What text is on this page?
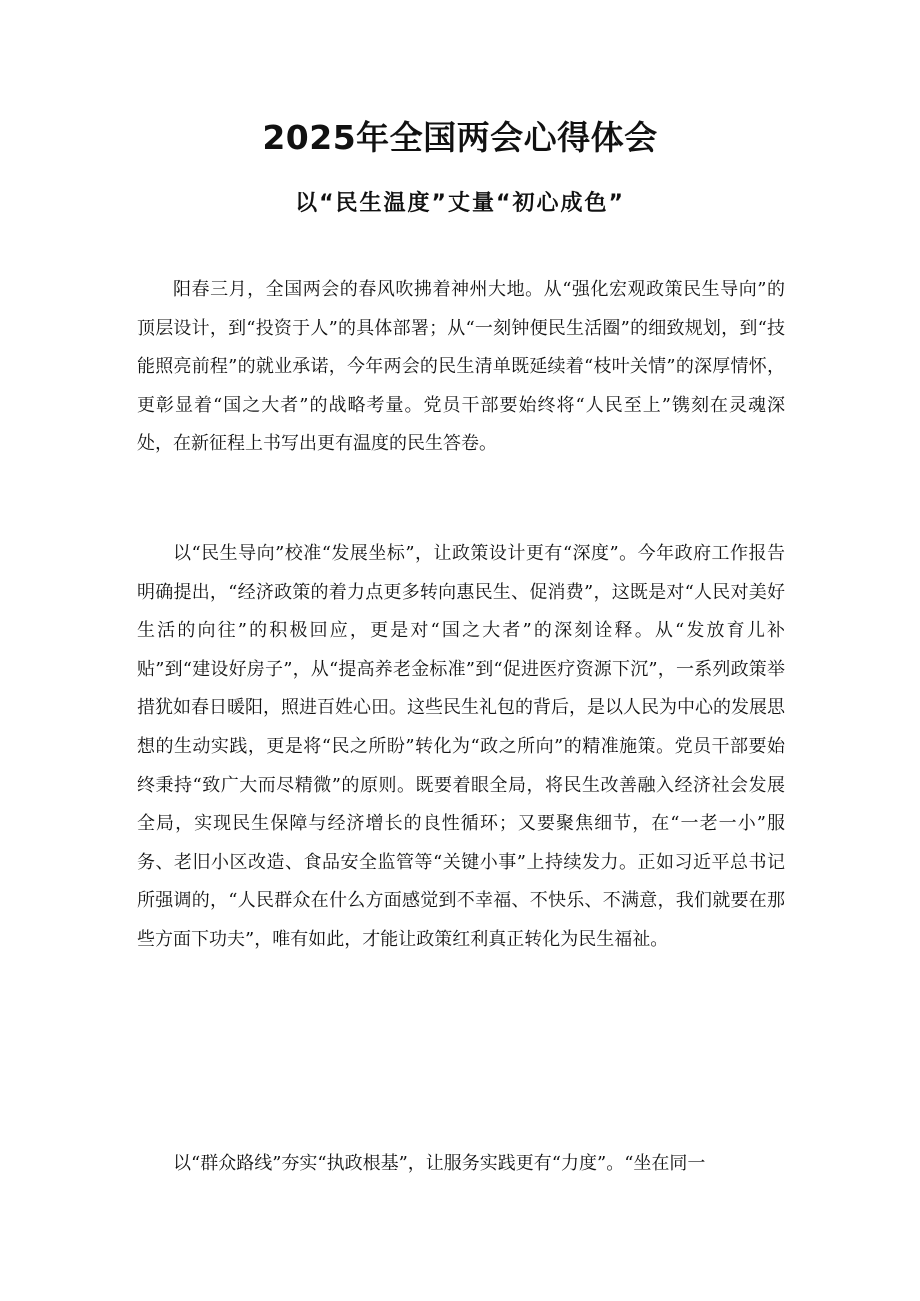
2025年全国两会心得体会
以“民生温度”丈量“初心成色”

阳春三月，全国两会的春风吹拂着神州大地。从“强化宏观政策民生导向”的顶层设计，到“投资于人”的具体部署；从“一刻钟便民生活圈”的细致规划，到“技能照亮前程”的就业承诺，今年两会的民生清单既延续着“枝叶关情”的深厚情怀，更彰显着“国之大者”的战略考量。党员干部要始终将“人民至上”镌刻在灵魂深处，在新征程上书写出更有温度的民生答卷。

以“民生导向”校准“发展坐标”，让政策设计更有“深度”。今年政府工作报告明确提出，“经济政策的着力点更多转向惠民生、促消费”，这既是对“人民对美好生活的向往”的积极回应，更是对“国之大者”的深刻诠释。从“发放育儿补贴”到“建设好房子”，从“提高养老金标准”到“促进医疗资源下沉”，一系列政策举措犹如春日暖阳，照进百姓心田。这些民生礼包的背后，是以人民为中心的发展思想的生动实践，更是将“民之所盼”转化为“政之所向”的精准施策。党员干部要始终秉持“致广大而尽精微”的原则。既要着眼全局，将民生改善融入经济社会发展全局，实现民生保障与经济增长的良性循环；又要聚焦细节，在“一老一小”服务、老旧小区改造、食品安全监管等“关键小事”上持续发力。正如习近平总书记所强调的，“人民群众在什么方面感觉到不幸福、不快乐、不满意，我们就要在那些方面下功夫”，唯有如此，才能让政策红利真正转化为民生福祉。

以“群众路线”夯实“执政根基”，让服务实践更有“力度”。“坐在同一
